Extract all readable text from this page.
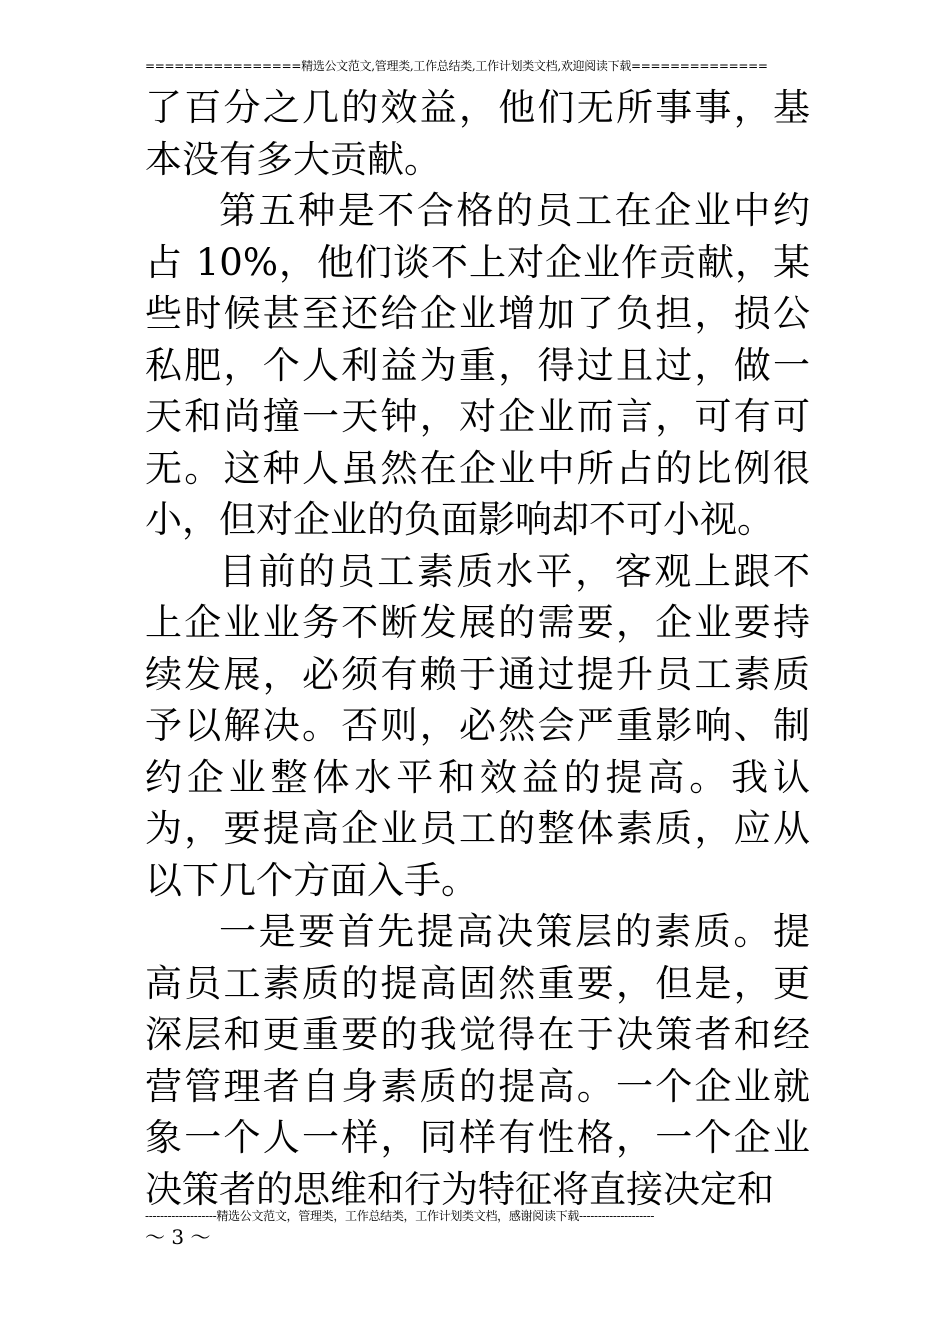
================精选公文范文,管理类,工作总结类,工作计划类文档,欢迎阅读下载==============

了百分之几的效益，他们无所事事，基本没有多大贡献。

第五种是不合格的员工在企业中约占 10%，他们谈不上对企业作贡献，某些时候甚至还给企业增加了负担，损公私肥，个人利益为重，得过且过，做一天和尚撞一天钟，对企业而言，可有可无。这种人虽然在企业中所占的比例很小，但对企业的负面影响却不可小视。

目前的员工素质水平，客观上跟不上企业业务不断发展的需要，企业要持续发展，必须有赖于通过提升员工素质予以解决。否则，必然会严重影响、制约企业整体水平和效益的提高。我认为，要提高企业员工的整体素质，应从以下几个方面入手。

一是要首先提高决策层的素质。提高员工素质的提高固然重要，但是，更深层和更重要的我觉得在于决策者和经营管理者自身素质的提高。一个企业就象一个人一样，同样有性格，一个企业决策者的思维和行为特征将直接决定和

-------------------精选公文范文，管理类，工作总结类，工作计划类文档，感谢阅读下载--------------------
～ 3 ～
